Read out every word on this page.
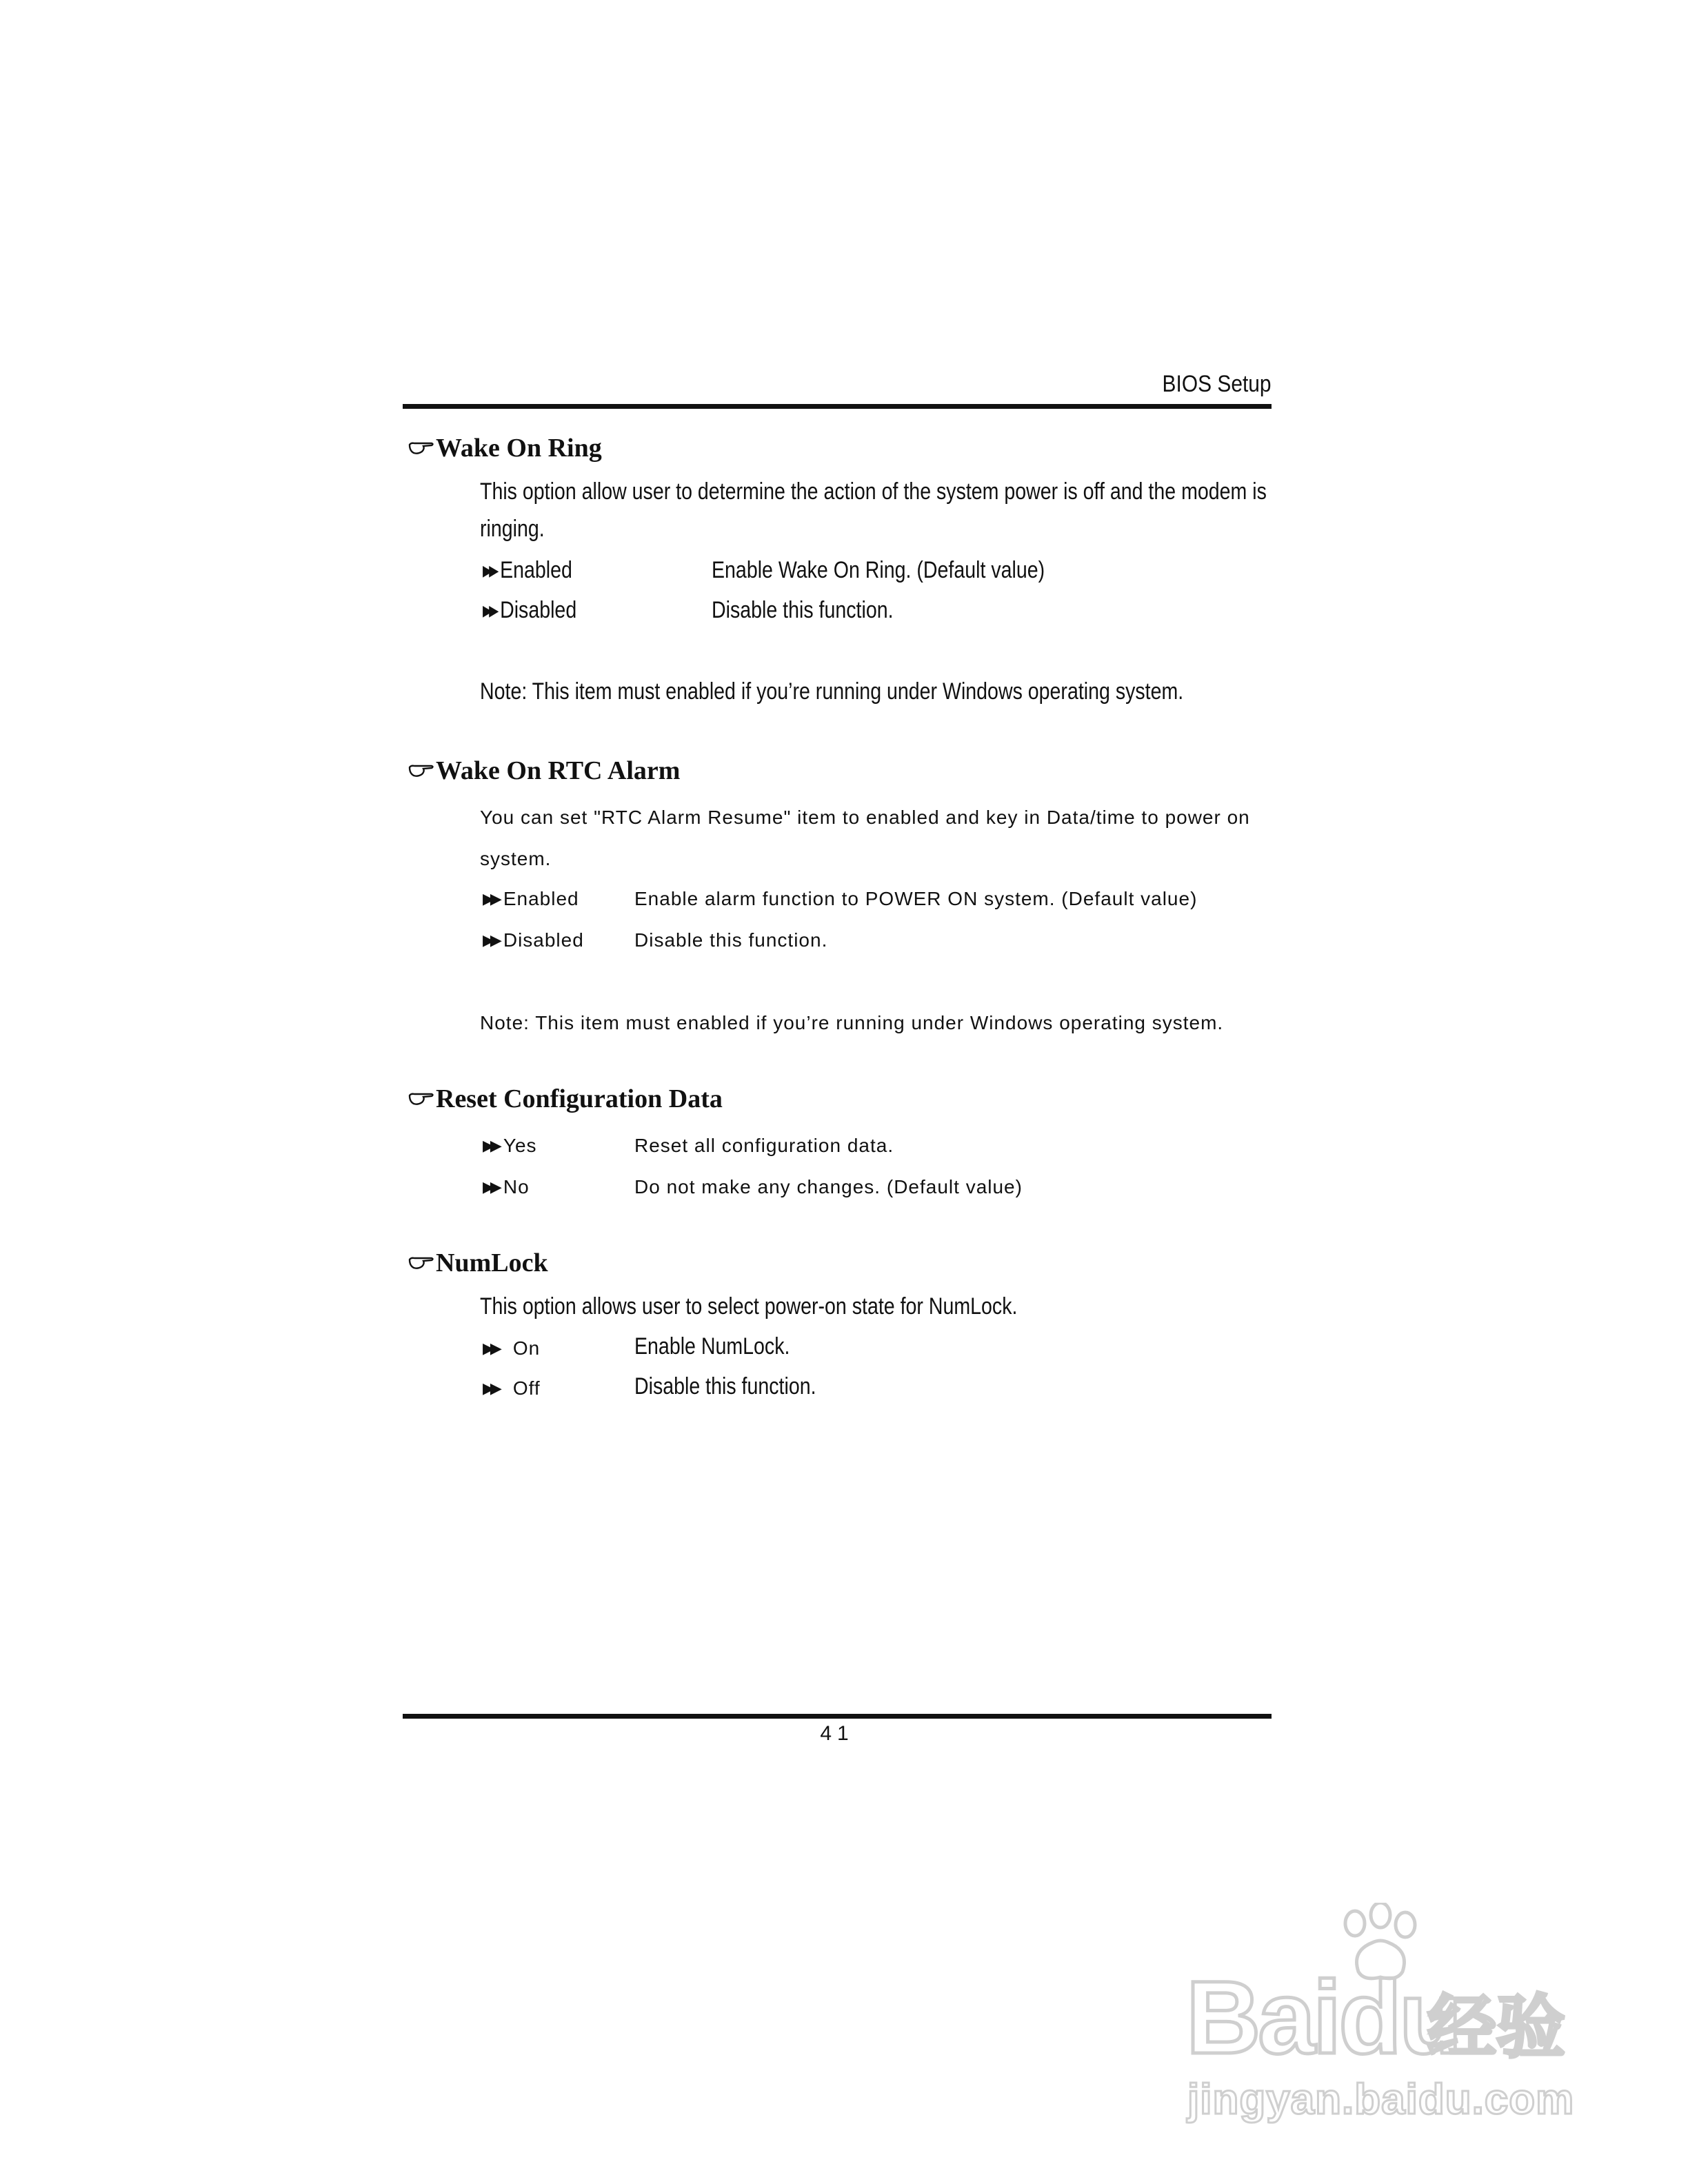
BIOS Setup
Wake On Ring
This option allow user to determine the action of the system power is off and the modem is
ringing.
▶▶ Enabled	Enable Wake On Ring. (Default value)
▶▶ Disabled	Disable this function.
Note: This item must enabled if you’re running under Windows operating system.
Wake On RTC Alarm
You can set "RTC Alarm Resume" item to enabled and key in Data/time to power on
system.
▶▶ Enabled	Enable alarm function to POWER ON system. (Default value)
▶▶ Disabled	Disable this function.
Note: This item must enabled if you’re running under Windows operating system.
Reset Configuration Data
▶▶ Yes	Reset all configuration data.
▶▶ No	Do not make any changes. (Default value)
NumLock
This option allows user to select power-on state for NumLock.
▶▶ On	Enable NumLock.
▶▶ Off	Disable this function.
41
Baidu
经验
jingyan.baidu.com
